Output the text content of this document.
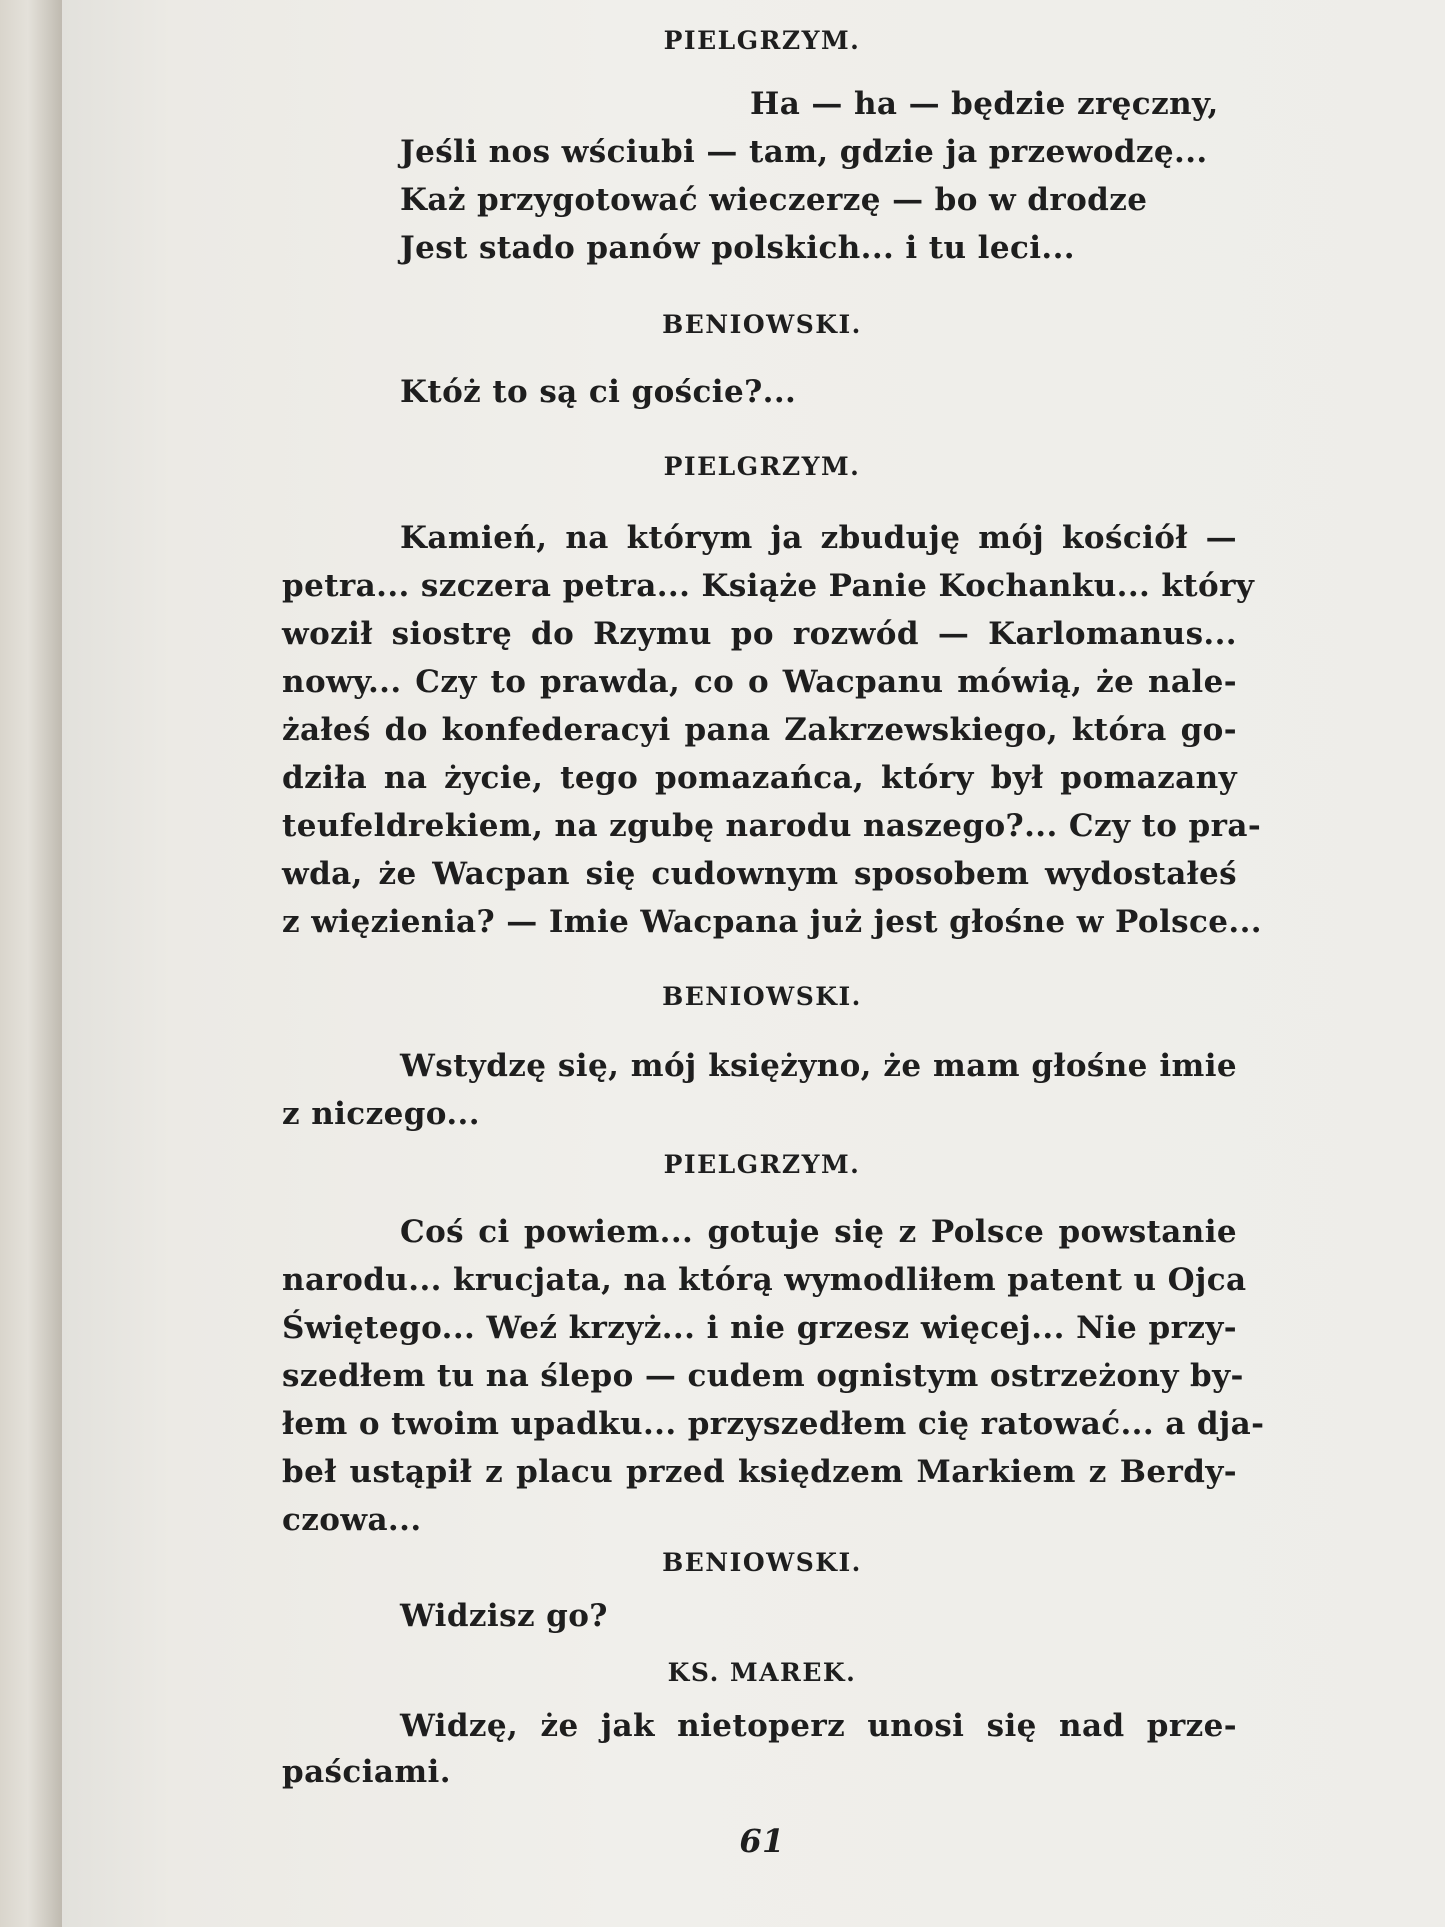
PIELGRZYM.
Ha — ha — będzie zręczny,
Jeśli nos wściubi — tam, gdzie ja przewodzę...
Każ przygotować wieczerzę — bo w drodze
Jest stado panów polskich... i tu leci...
BENIOWSKI.
Któż to są ci goście?...
PIELGRZYM.
Kamień, na którym ja zbuduję mój kościół —
petra... szczera petra... Książe Panie Kochanku... który
woził siostrę do Rzymu po rozwód — Karlomanus...
nowy... Czy to prawda, co o Wacpanu mówią, że nale-
żałeś do konfederacyi pana Zakrzewskiego, która go-
dziła na życie, tego pomazańca, który był pomazany
teufeldrekiem, na zgubę narodu naszego?... Czy to pra-
wda, że Wacpan się cudownym sposobem wydostałeś
z więzienia? — Imie Wacpana już jest głośne w Polsce...
BENIOWSKI.
Wstydzę się, mój księżyno, że mam głośne imie
z niczego...
PIELGRZYM.
Coś ci powiem... gotuje się z Polsce powstanie
narodu... krucjata, na którą wymodliłem patent u Ojca
Świętego... Weź krzyż... i nie grzesz więcej... Nie przy-
szedłem tu na ślepo — cudem ognistym ostrzeżony by-
łem o twoim upadku... przyszedłem cię ratować... a dja-
beł ustąpił z placu przed księdzem Markiem z Berdy-
czowa...
BENIOWSKI.
Widzisz go?
KS. MAREK.
Widzę, że jak nietoperz unosi się nad prze-
paściami.
61
